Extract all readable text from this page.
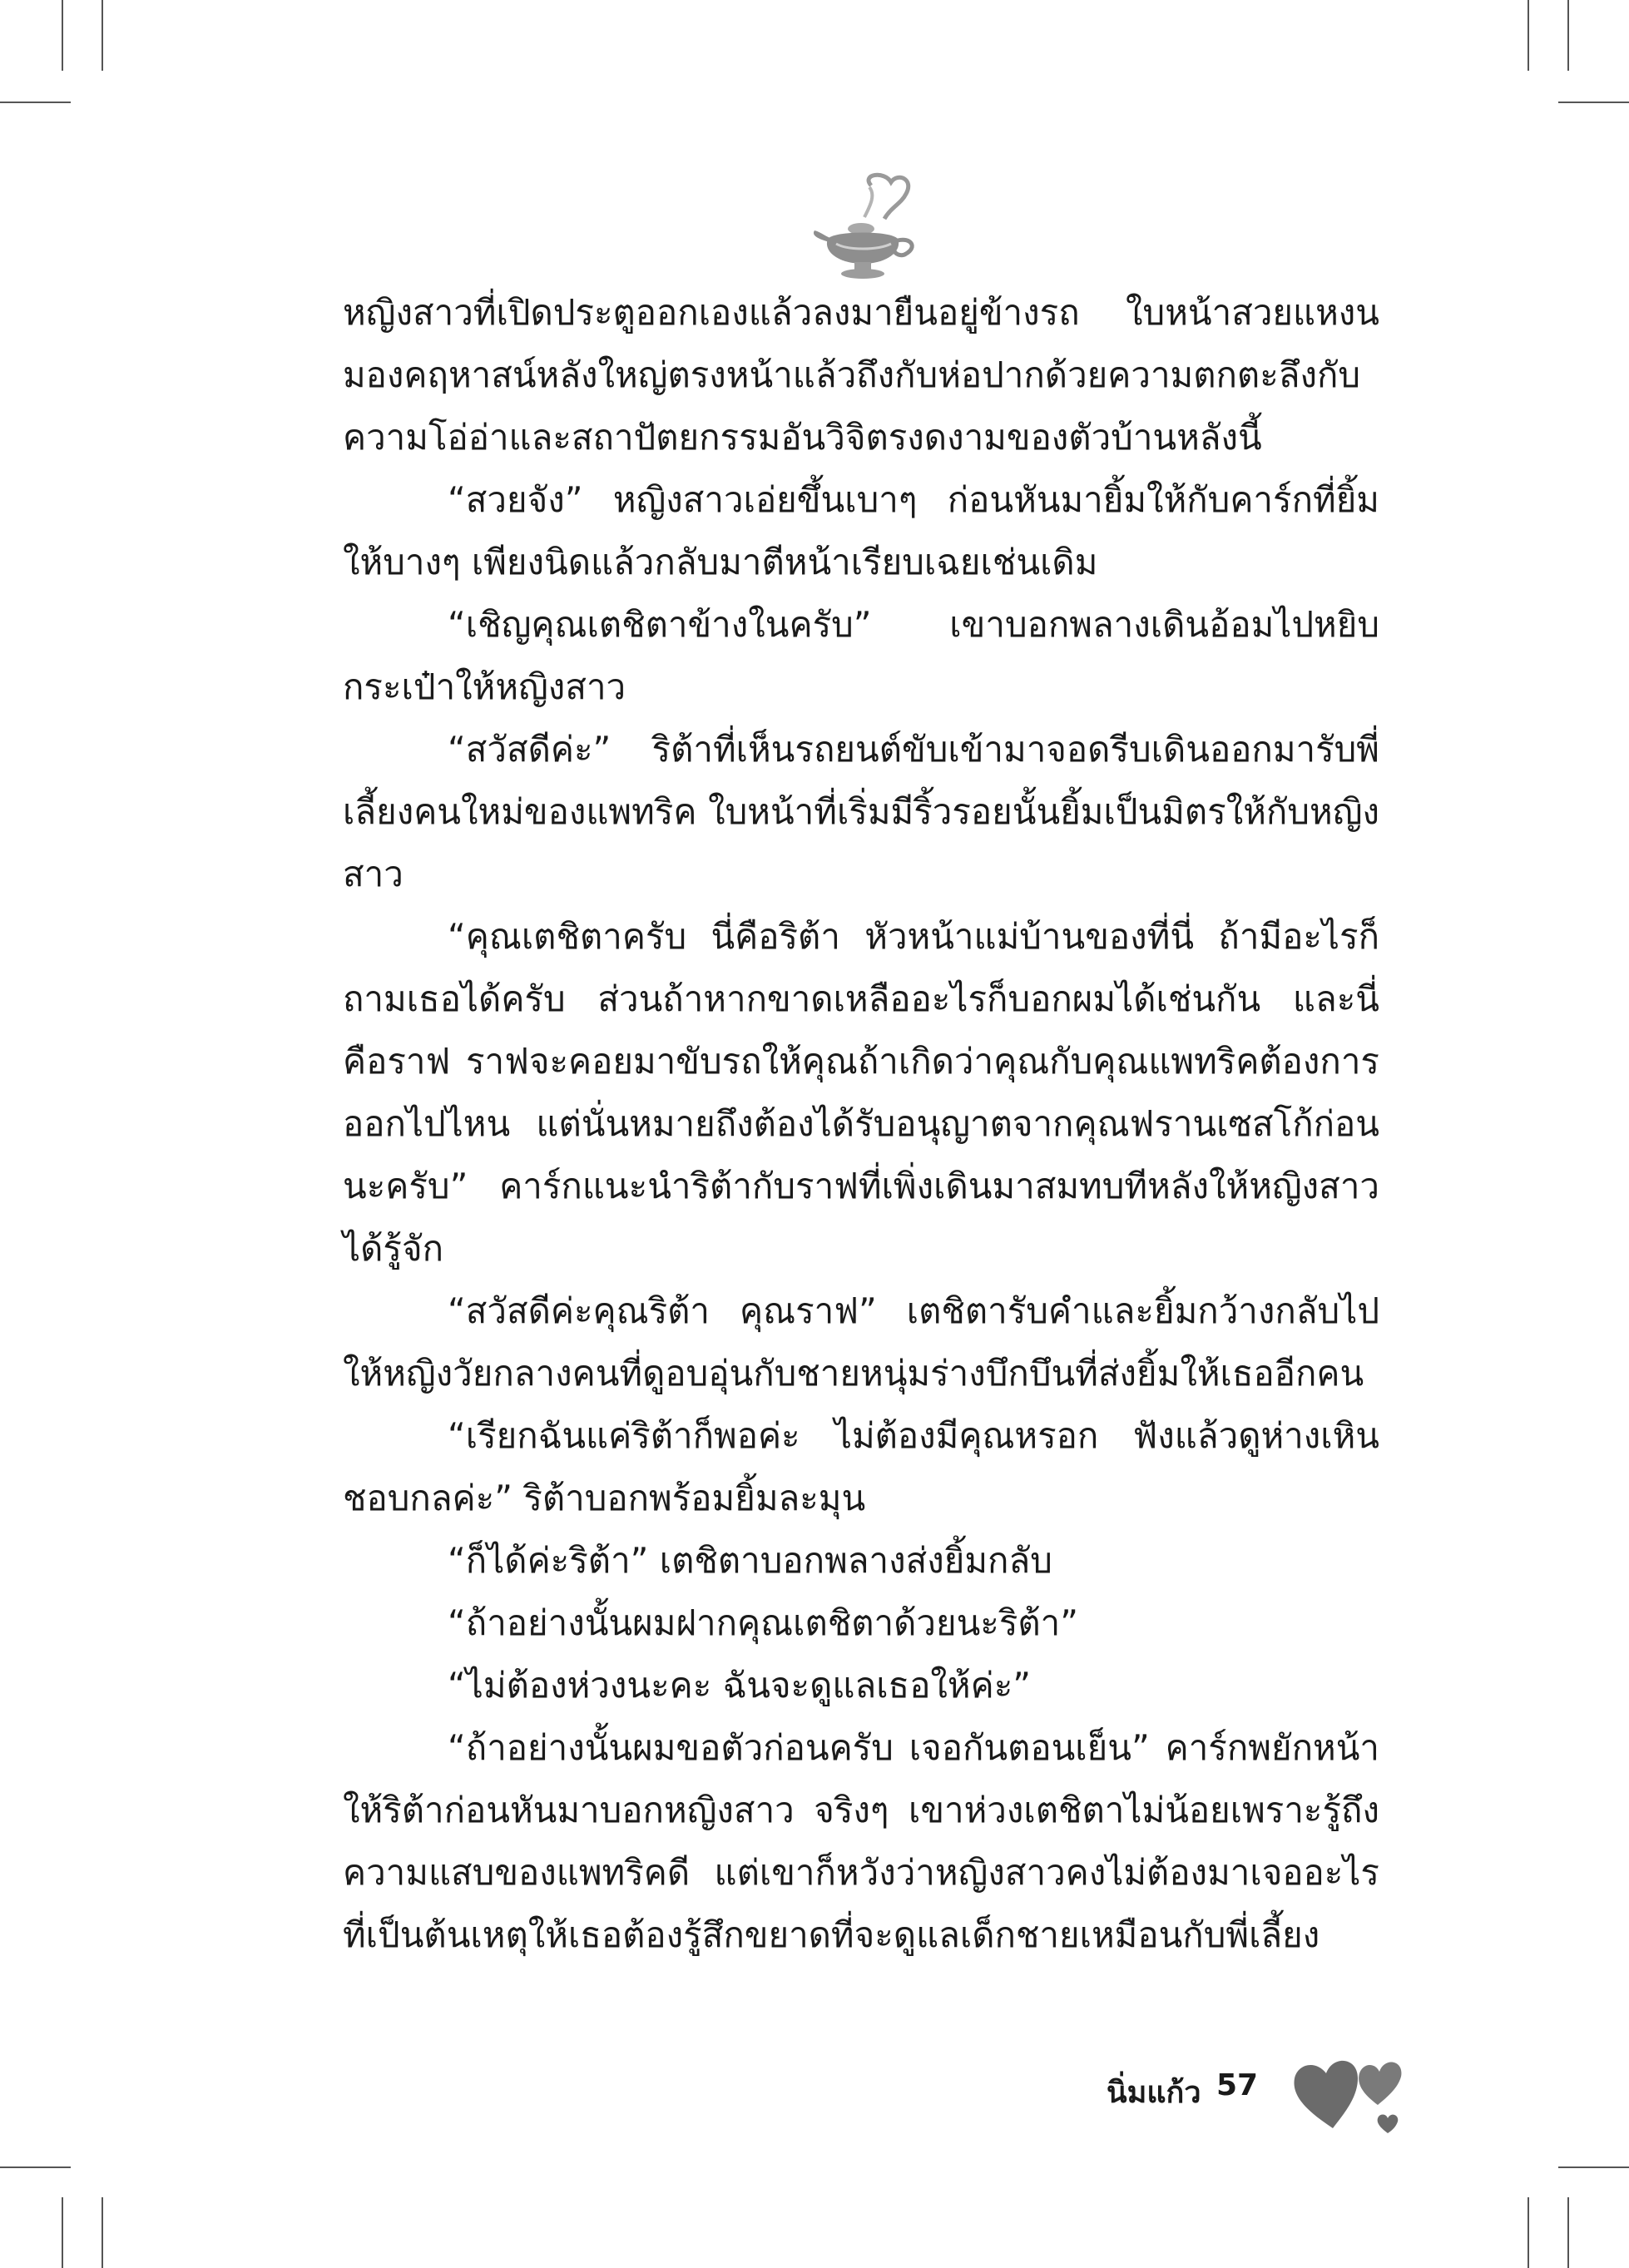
หญิงสาวที่เปิดประตูออกเองแล้วลงมายืนอยู่ข้างรถ ใบหน้าสวยแหงนมองคฤหาสน์หลังใหญ่ตรงหน้าแล้วถึงกับห่อปากด้วยความตกตะลึงกับความโอ่อ่าและสถาปัตยกรรมอันวิจิตรงดงามของตัวบ้านหลังนี้

“สวยจัง” หญิงสาวเอ่ยขึ้นเบาๆ ก่อนหันมายิ้มให้กับคาร์กที่ยิ้มให้บางๆ เพียงนิดแล้วกลับมาตีหน้าเรียบเฉยเช่นเดิม

“เชิญคุณเตชิตาข้างในครับ” เขาบอกพลางเดินอ้อมไปหยิบกระเป๋าให้หญิงสาว

“สวัสดีค่ะ” ริต้าที่เห็นรถยนต์ขับเข้ามาจอดรีบเดินออกมารับพี่เลี้ยงคนใหม่ของแพทริค ใบหน้าที่เริ่มมีริ้วรอยนั้นยิ้มเป็นมิตรให้กับหญิงสาว

“คุณเตชิตาครับ นี่คือริต้า หัวหน้าแม่บ้านของที่นี่ ถ้ามีอะไรก็ถามเธอได้ครับ ส่วนถ้าหากขาดเหลืออะไรก็บอกผมได้เช่นกัน และนี่คือราฟ ราฟจะคอยมาขับรถให้คุณถ้าเกิดว่าคุณกับคุณแพทริคต้องการออกไปไหน แต่นั่นหมายถึงต้องได้รับอนุญาตจากคุณฟรานเซสโก้ก่อนนะครับ” คาร์กแนะนำริต้ากับราฟที่เพิ่งเดินมาสมทบทีหลังให้หญิงสาวได้รู้จัก

“สวัสดีค่ะคุณริต้า คุณราฟ” เตชิตารับคำและยิ้มกว้างกลับไปให้หญิงวัยกลางคนที่ดูอบอุ่นกับชายหนุ่มร่างบึกบึนที่ส่งยิ้มให้เธออีกคน

“เรียกฉันแค่ริต้าก็พอค่ะ ไม่ต้องมีคุณหรอก ฟังแล้วดูห่างเหินชอบกลค่ะ” ริต้าบอกพร้อมยิ้มละมุน

“ก็ได้ค่ะริต้า” เตชิตาบอกพลางส่งยิ้มกลับ

“ถ้าอย่างนั้นผมฝากคุณเตชิตาด้วยนะริต้า”

“ไม่ต้องห่วงนะคะ ฉันจะดูแลเธอให้ค่ะ”

“ถ้าอย่างนั้นผมขอตัวก่อนครับ เจอกันตอนเย็น” คาร์กพยักหน้าให้ริต้าก่อนหันมาบอกหญิงสาว จริงๆ เขาห่วงเตชิตาไม่น้อยเพราะรู้ถึงความแสบของแพทริคดี แต่เขาก็หวังว่าหญิงสาวคงไม่ต้องมาเจออะไรที่เป็นต้นเหตุให้เธอต้องรู้สึกขยาดที่จะดูแลเด็กชายเหมือนกับพี่เลี้ยง

นิ่มแก้ว 57
